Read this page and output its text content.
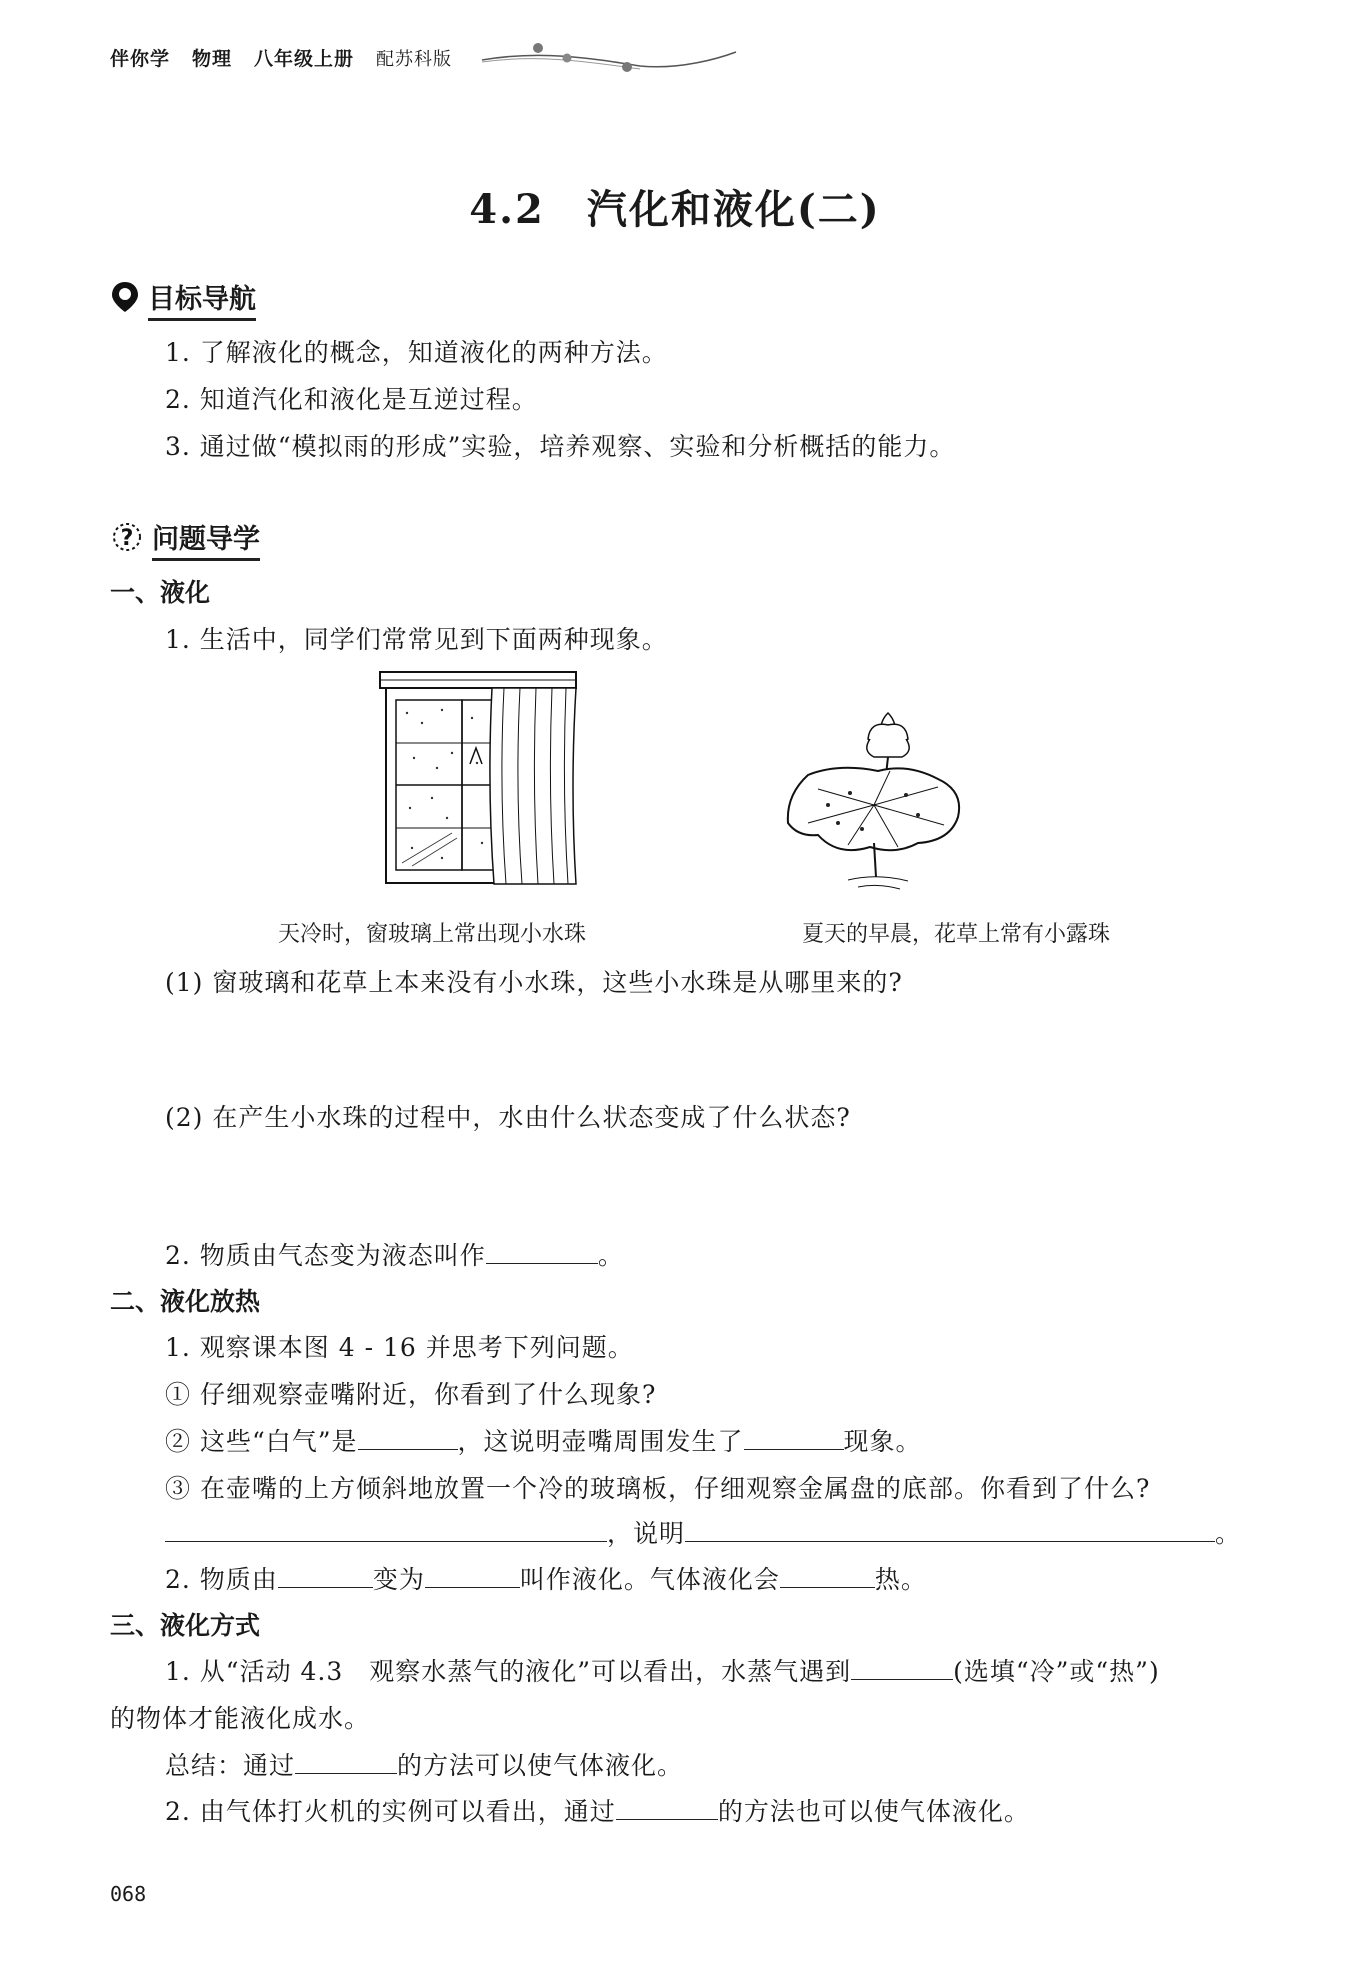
伴你学 物理 八年级上册 配苏科版
4.2 汽化和液化(二)
目标导航
1. 了解液化的概念，知道液化的两种方法。
2. 知道汽化和液化是互逆过程。
3. 通过做“模拟雨的形成”实验，培养观察、实验和分析概括的能力。
? 问题导学
一、液化
1. 生活中，同学们常常见到下面两种现象。
天冷时，窗玻璃上常出现小水珠	夏天的早晨，花草上常有小露珠
(1) 窗玻璃和花草上本来没有小水珠，这些小水珠是从哪里来的?
(2) 在产生小水珠的过程中，水由什么状态变成了什么状态?
2. 物质由气态变为液态叫作	。
二、液化放热
1. 观察课本图 4 - 16 并思考下列问题。
① 仔细观察壶嘴附近，你看到了什么现象?
② 这些“白气”是	，这说明壶嘴周围发生了	现象。
③ 在壶嘴的上方倾斜地放置一个冷的玻璃板，仔细观察金属盘的底部。你看到了什么?
，说明	。
2. 物质由	变为	叫作液化。气体液化会	热。
三、液化方式
1. 从“活动 4.3　观察水蒸气的液化”可以看出，水蒸气遇到	(选填“冷”或“热”)
的物体才能液化成水。
总结：通过	的方法可以使气体液化。
2. 由气体打火机的实例可以看出，通过	的方法也可以使气体液化。
068
